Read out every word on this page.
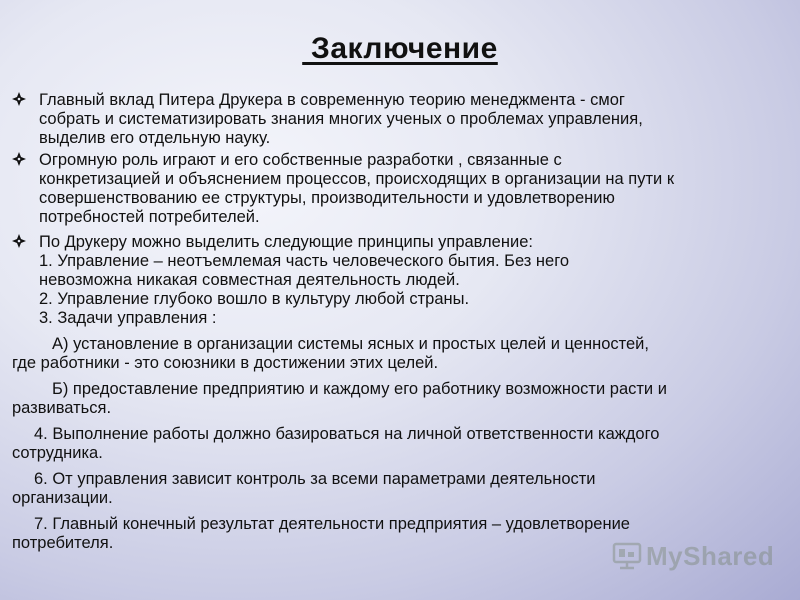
Заключение
Главный вклад Питера Друкера в современную теорию менеджмента - смог
собрать и систематизировать знания многих ученых о проблемах управления,
выделив его отдельную науку.
Огромную роль играют и его собственные разработки , связанные с
конкретизацией и объяснением процессов, происходящих в организации на пути к
совершенствованию ее структуры, производительности и удовлетворению
потребностей потребителей.
По Друкеру можно выделить следующие принципы управление:
1. Управление – неотъемлемая часть человеческого бытия. Без него
невозможна никакая совместная деятельность людей.
2. Управление глубоко вошло в культуру любой страны.
3. Задачи управления :
А) установление в организации системы ясных и простых целей и ценностей,
где работники - это союзники в достижении этих целей.
Б) предоставление предприятию и каждому его работнику возможности расти и
развиваться.
4. Выполнение работы должно базироваться на личной ответственности каждого
сотрудника.
6. От управления зависит контроль за всеми параметрами деятельности
организации.
7. Главный конечный результат деятельности предприятия – удовлетворение
потребителя.	MyShared
